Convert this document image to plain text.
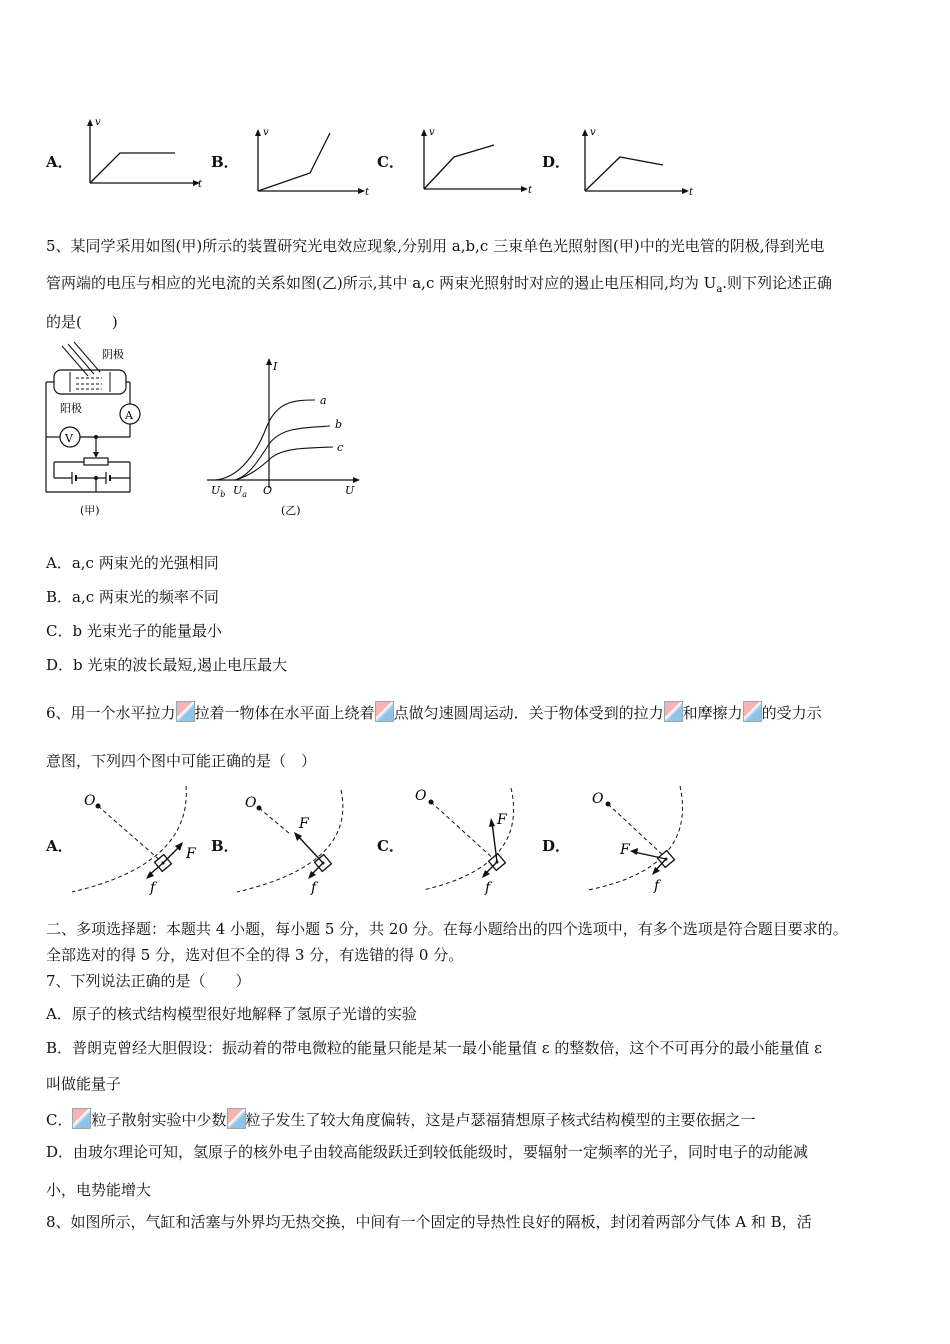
A．
v
t
B．
v
t
C．
v
t
D．
v
t
5、某同学采用如图(甲)所示的装置研究光电效应现象,分别用 a,b,c 三束单色光照射图(甲)中的光电管的阴极,得到光电
管两端的电压与相应的光电流的关系如图(乙)所示,其中 a,c 两束光照射时对应的遏止电压相同,均为 $U_a$.则下列论述正确
的是(　　)
阴极
阳极
A
V
(甲)
I
U
O
$U_b$ $U_a$
a
b
c
(乙)
A．a,c 两束光的光强相同
B．a,c 两束光的频率不同
C．b 光束光子的能量最小
D．b 光束的波长最短,遏止电压最大
6、用一个水平拉力 拉着一物体在水平面上绕着 点做匀速圆周运动．关于物体受到的拉力 和摩擦力 的受力示
意图，下列四个图中可能正确的是（　）
A．
O
F
f
B．
O
F
f
C．
O
F
f
D．
O
F
f
二、多项选择题：本题共 4 小题，每小题 5 分，共 20 分。在每小题给出的四个选项中，有多个选项是符合题目要求的。
全部选对的得 5 分，选对但不全的得 3 分，有选错的得 0 分。
7、下列说法正确的是（　　）
A．原子的核式结构模型很好地解释了氢原子光谱的实验
B．普朗克曾经大胆假设：振动着的带电微粒的能量只能是某一最小能量值 ε 的整数倍，这个不可再分的最小能量值 ε
叫做能量子
C． 粒子散射实验中少数 粒子发生了较大角度偏转，这是卢瑟福猜想原子核式结构模型的主要依据之一
D．由玻尔理论可知，氢原子的核外电子由较高能级跃迁到较低能级时，要辐射一定频率的光子，同时电子的动能减
小，电势能增大
8、如图所示，气缸和活塞与外界均无热交换，中间有一个固定的导热性良好的隔板，封闭着两部分气体 A 和 B，活
